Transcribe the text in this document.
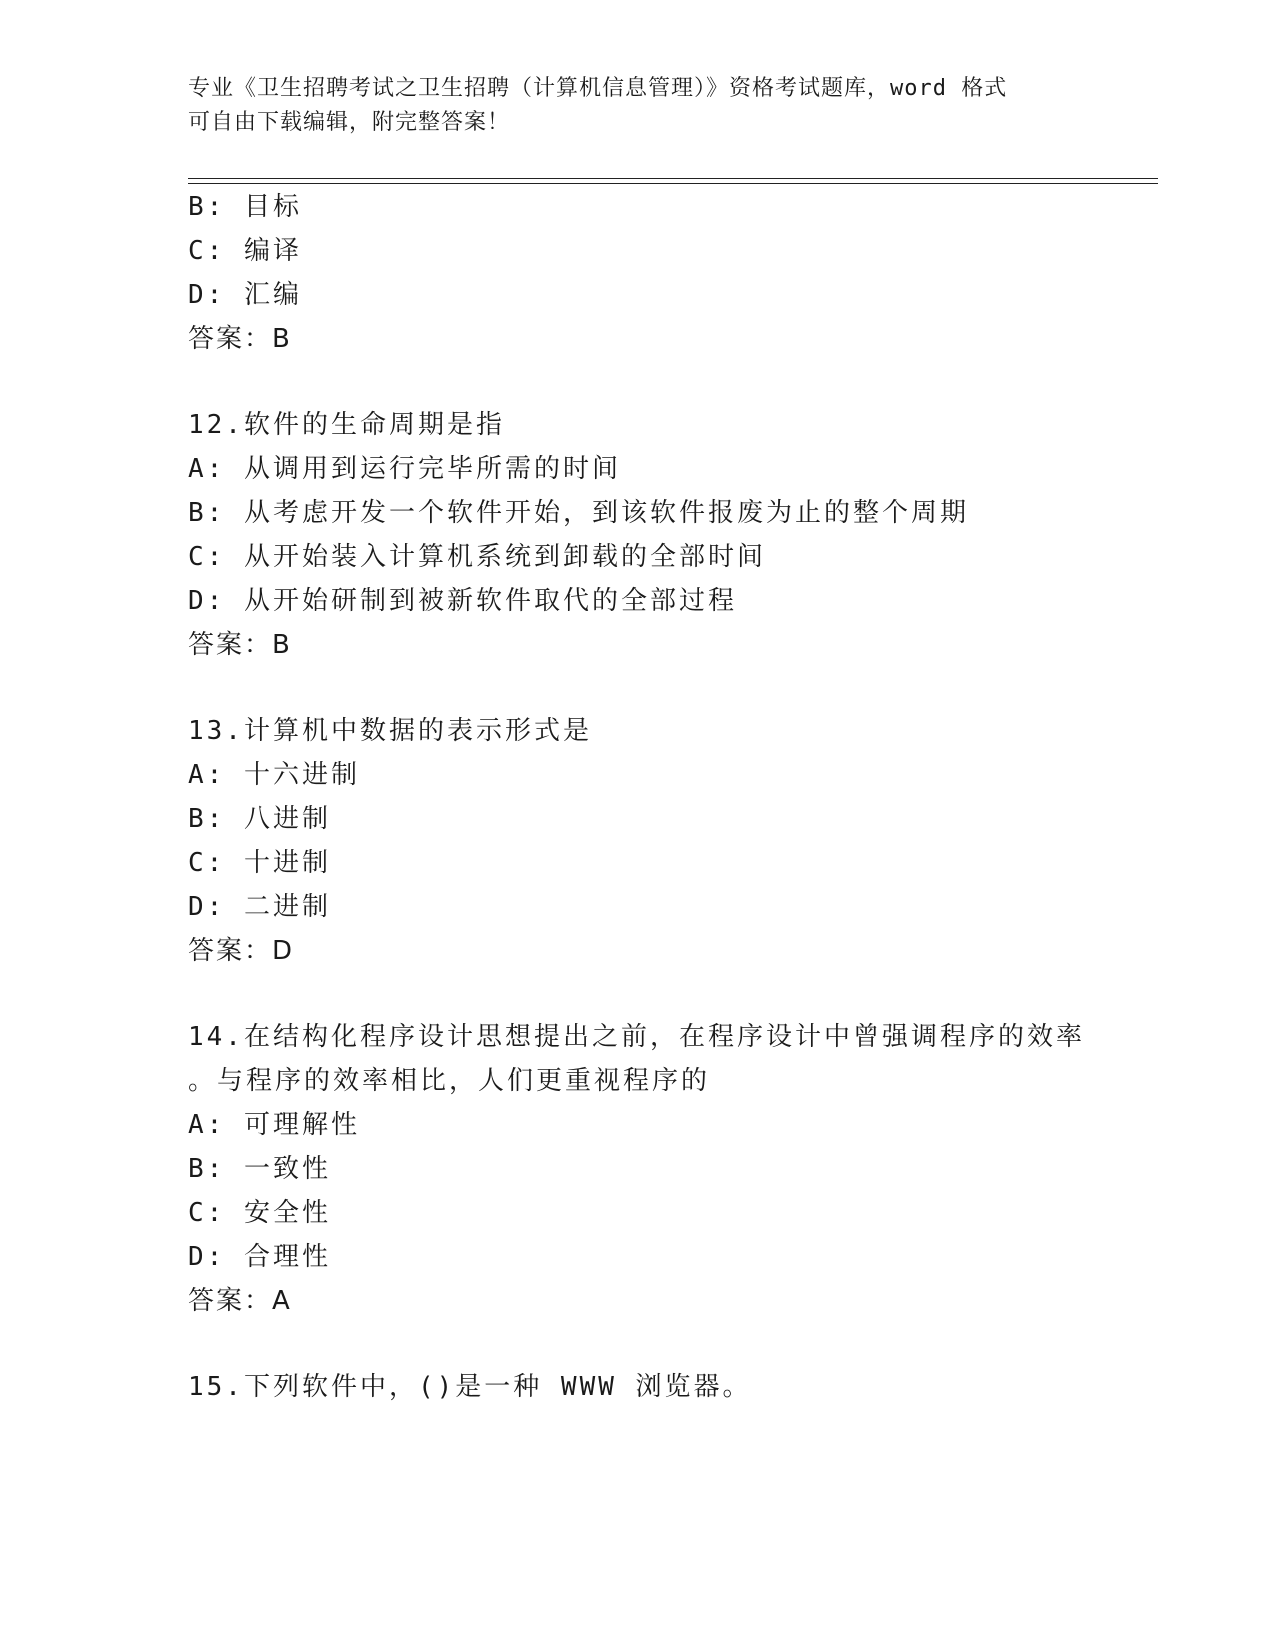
专业《卫生招聘考试之卫生招聘（计算机信息管理）》资格考试题库，word 格式
可自由下载编辑，附完整答案！
B: 目标
C: 编译
D: 汇编
答案：B
12.软件的生命周期是指
A: 从调用到运行完毕所需的时间
B: 从考虑开发一个软件开始，到该软件报废为止的整个周期
C: 从开始装入计算机系统到卸载的全部时间
D: 从开始研制到被新软件取代的全部过程
答案：B
13.计算机中数据的表示形式是
A: 十六进制
B: 八进制
C: 十进制
D: 二进制
答案：D
14.在结构化程序设计思想提出之前，在程序设计中曾强调程序的效率
。与程序的效率相比，人们更重视程序的
A: 可理解性
B: 一致性
C: 安全性
D: 合理性
答案：A
15.下列软件中，()是一种 WWW 浏览器。
